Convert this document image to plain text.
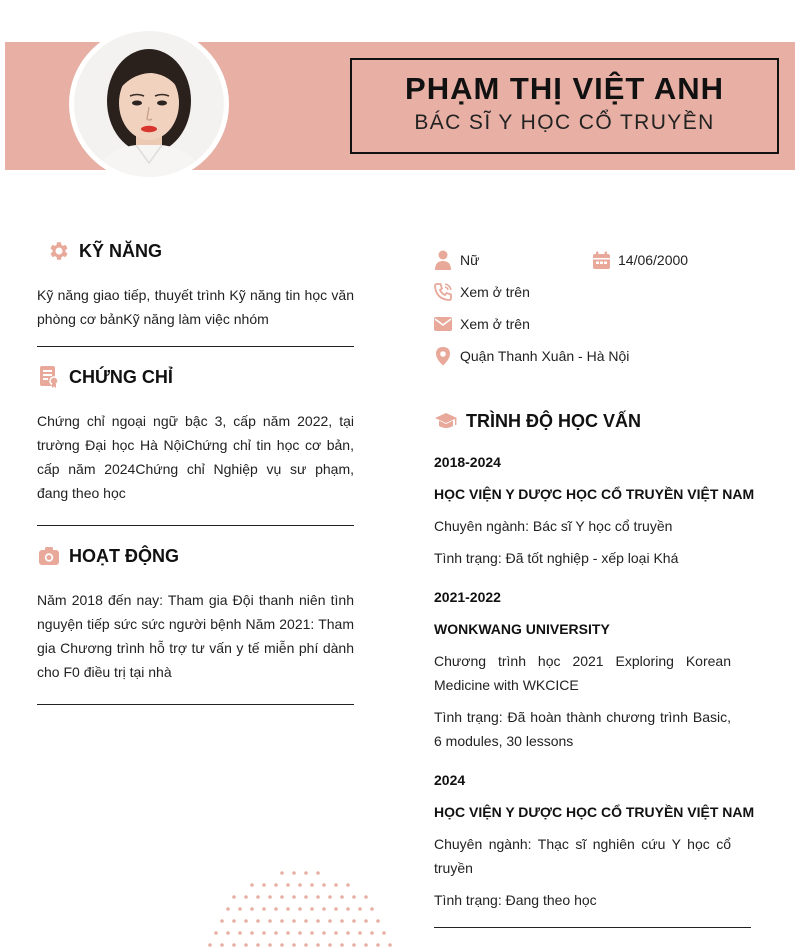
PHẠM THỊ VIỆT ANH
BÁC SĨ Y HỌC CỔ TRUYỀN
KỸ NĂNG
Kỹ năng giao tiếp, thuyết trình Kỹ năng tin học văn phòng cơ bảnKỹ năng làm việc nhóm
CHỨNG CHỈ
Chứng chỉ ngoại ngữ bậc 3, cấp năm 2022, tại trường Đại học Hà NộiChứng chỉ tin học cơ bản, cấp năm 2024Chứng chỉ Nghiệp vụ sư phạm, đang theo học
HOẠT ĐỘNG
Năm 2018 đến nay: Tham gia Đội thanh niên tình nguyện tiếp sức sức người bệnh Năm 2021: Tham gia Chương trình hỗ trợ tư vấn y tế miễn phí dành cho F0 điều trị tại nhà
Nữ	14/06/2000
Xem ở trên
Xem ở trên
Quận Thanh Xuân - Hà Nội
TRÌNH ĐỘ HỌC VẤN
2018-2024
HỌC VIỆN Y DƯỢC HỌC CỔ TRUYỀN VIỆT NAM
Chuyên ngành: Bác sĩ Y học cổ truyền
Tình trạng: Đã tốt nghiệp - xếp loại Khá
2021-2022
WONKWANG UNIVERSITY
Chương trình học 2021 Exploring Korean Medicine with WKCICE
Tình trạng: Đã hoàn thành chương trình Basic, 6 modules, 30 lessons
2024
HỌC VIỆN Y DƯỢC HỌC CỔ TRUYỀN VIỆT NAM
Chuyên ngành: Thạc sĩ nghiên cứu Y học cổ truyền
Tình trạng: Đang theo học
